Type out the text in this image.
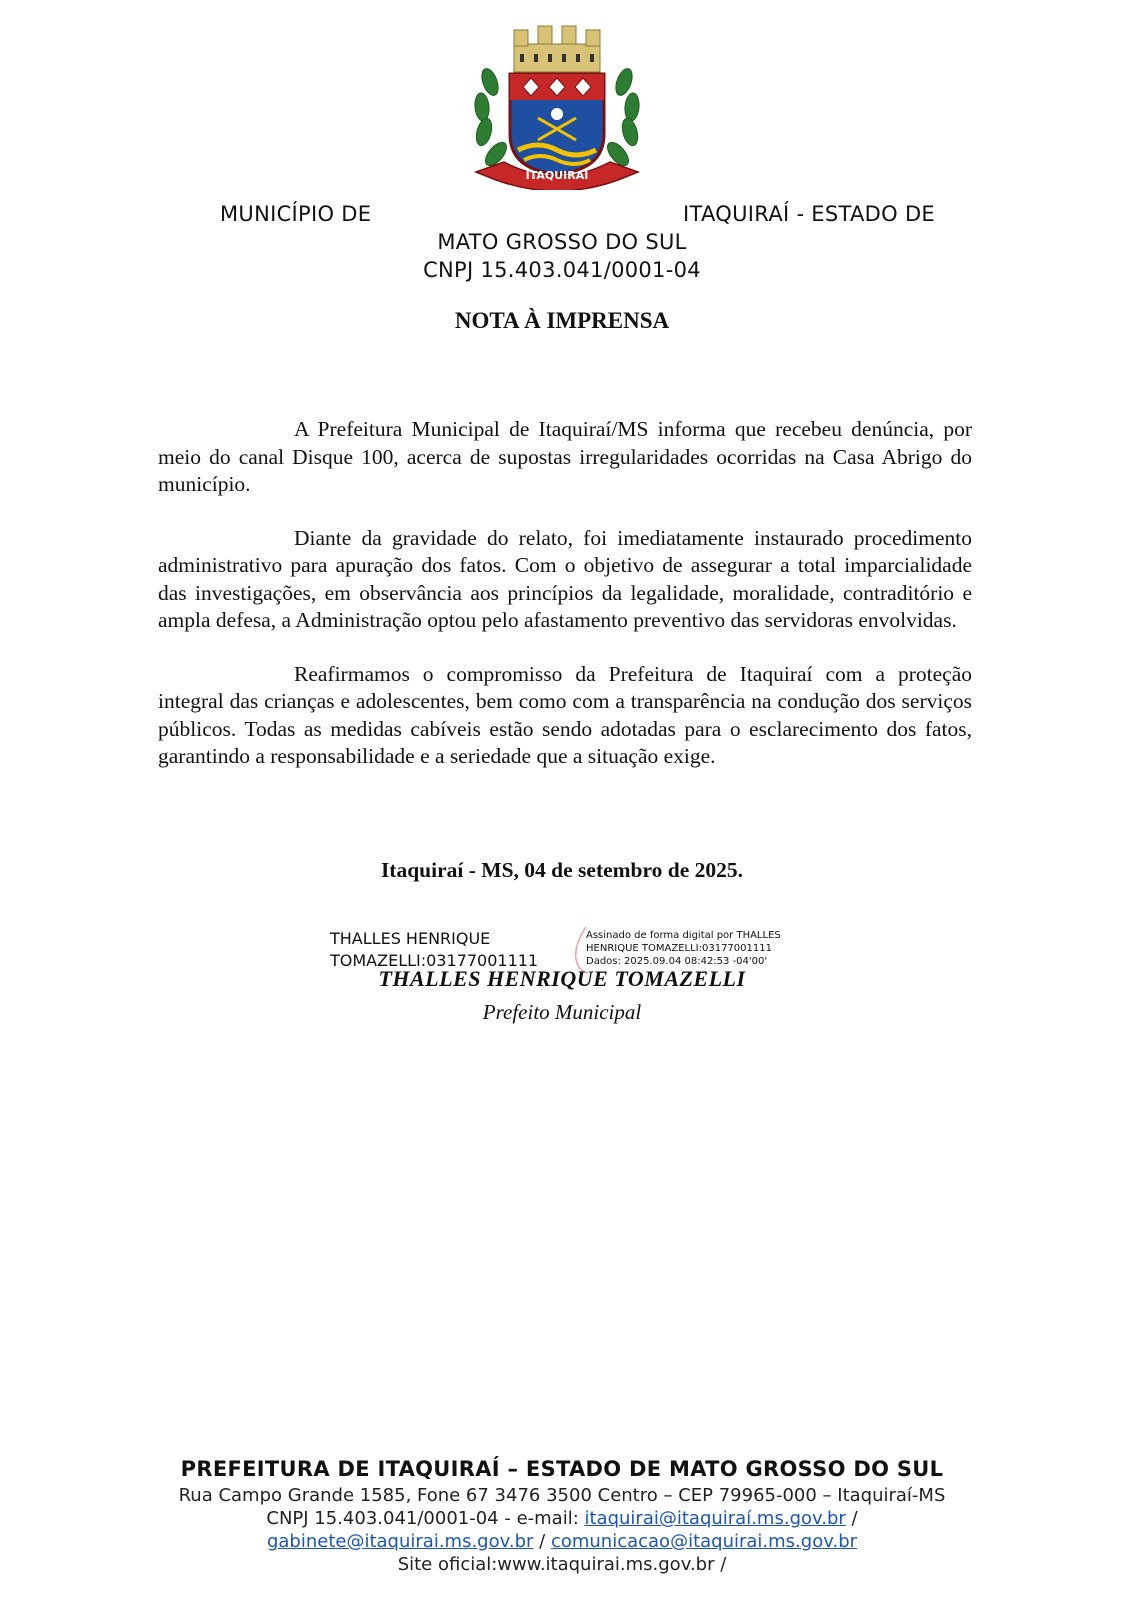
ITAQUIRAÍ
MUNICÍPIO DE	ITAQUIRAÍ - ESTADO DE
MATO GROSSO DO SUL
CNPJ 15.403.041/0001-04
NOTA À IMPRENSA

A Prefeitura Municipal de Itaquiraí/MS informa que recebeu denúncia, por meio do canal Disque 100, acerca de supostas irregularidades ocorridas na Casa Abrigo do município.

Diante da gravidade do relato, foi imediatamente instaurado procedimento administrativo para apuração dos fatos. Com o objetivo de assegurar a total imparcialidade das investigações, em observância aos princípios da legalidade, moralidade, contraditório e ampla defesa, a Administração optou pelo afastamento preventivo das servidoras envolvidas.

Reafirmamos o compromisso da Prefeitura de Itaquiraí com a proteção integral das crianças e adolescentes, bem como com a transparência na condução dos serviços públicos. Todas as medidas cabíveis estão sendo adotadas para o esclarecimento dos fatos, garantindo a responsabilidade e a seriedade que a situação exige.

Itaquiraí - MS, 04 de setembro de 2025.
THALLES HENRIQUE
TOMAZELLI:03177001111
Assinado de forma digital por THALLES
HENRIQUE TOMAZELLI:03177001111
Dados: 2025.09.04 08:42:53 -04'00'
THALLES HENRIQUE TOMAZELLI
Prefeito Municipal
PREFEITURA DE ITAQUIRAÍ – ESTADO DE MATO GROSSO DO SUL
Rua Campo Grande 1585, Fone 67 3476 3500 Centro – CEP 79965-000 – Itaquiraí-MS
CNPJ 15.403.041/0001-04 - e-mail: itaquirai@itaquiraí.ms.gov.br /
gabinete@itaquirai.ms.gov.br / comunicacao@itaquirai.ms.gov.br
Site oficial:www.itaquirai.ms.gov.br /
